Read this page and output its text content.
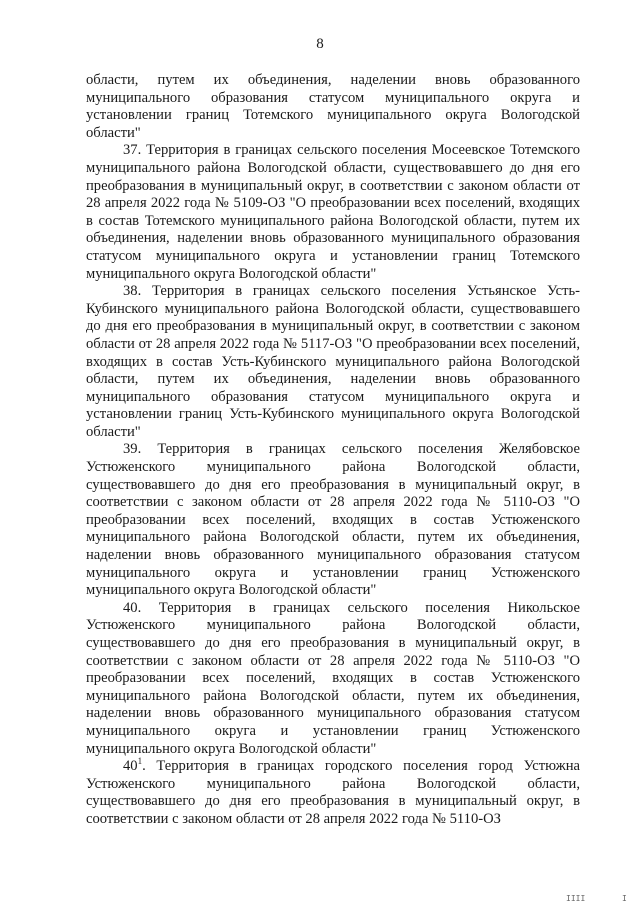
8

области, путем их объединения, наделении вновь образованного муниципального образования статусом муниципального округа и установлении границ Тотемского муниципального округа Вологодской области"

37. Территория в границах сельского поселения Мосеевское Тотемского муниципального района Вологодской области, существовавшего до дня его преобразования в муниципальный округ, в соответствии с законом области от 28 апреля 2022 года № 5109-ОЗ "О преобразовании всех поселений, входящих в состав Тотемского муниципального района Вологодской области, путем их объединения, наделении вновь образованного муниципального образования статусом муниципального округа и установлении границ Тотемского муниципального округа Вологодской области"

38. Территория в границах сельского поселения Устьянское Усть-Кубинского муниципального района Вологодской области, существовавшего до дня его преобразования в муниципальный округ, в соответствии с законом области от 28 апреля 2022 года № 5117-ОЗ "О преобразовании всех поселений, входящих в состав Усть-Кубинского муниципального района Вологодской области, путем их объединения, наделении вновь образованного муниципального образования статусом муниципального округа и установлении границ Усть-Кубинского муниципального округа Вологодской области"

39. Территория в границах сельского поселения Желябовское Устюженского муниципального района Вологодской области, существовавшего до дня его преобразования в муниципальный округ, в соответствии с законом области от 28 апреля 2022 года № 5110-ОЗ "О преобразовании всех поселений, входящих в состав Устюженского муниципального района Вологодской области, путем их объединения, наделении вновь образованного муниципального образования статусом муниципального округа и установлении границ Устюженского муниципального округа Вологодской области"

40. Территория в границах сельского поселения Никольское Устюженского муниципального района Вологодской области, существовавшего до дня его преобразования в муниципальный округ, в соответствии с законом области от 28 апреля 2022 года № 5110-ОЗ "О преобразовании всех поселений, входящих в состав Устюженского муниципального района Вологодской области, путем их объединения, наделении вновь образованного муниципального образования статусом муниципального округа и установлении границ Устюженского муниципального округа Вологодской области"

$40^1$. Территория в границах городского поселения город Устюжна Устюженского муниципального района Вологодской области, существовавшего до дня его преобразования в муниципальный округ, в соответствии с законом области от 28 апреля 2022 года № 5110-ОЗ

IIII	I
